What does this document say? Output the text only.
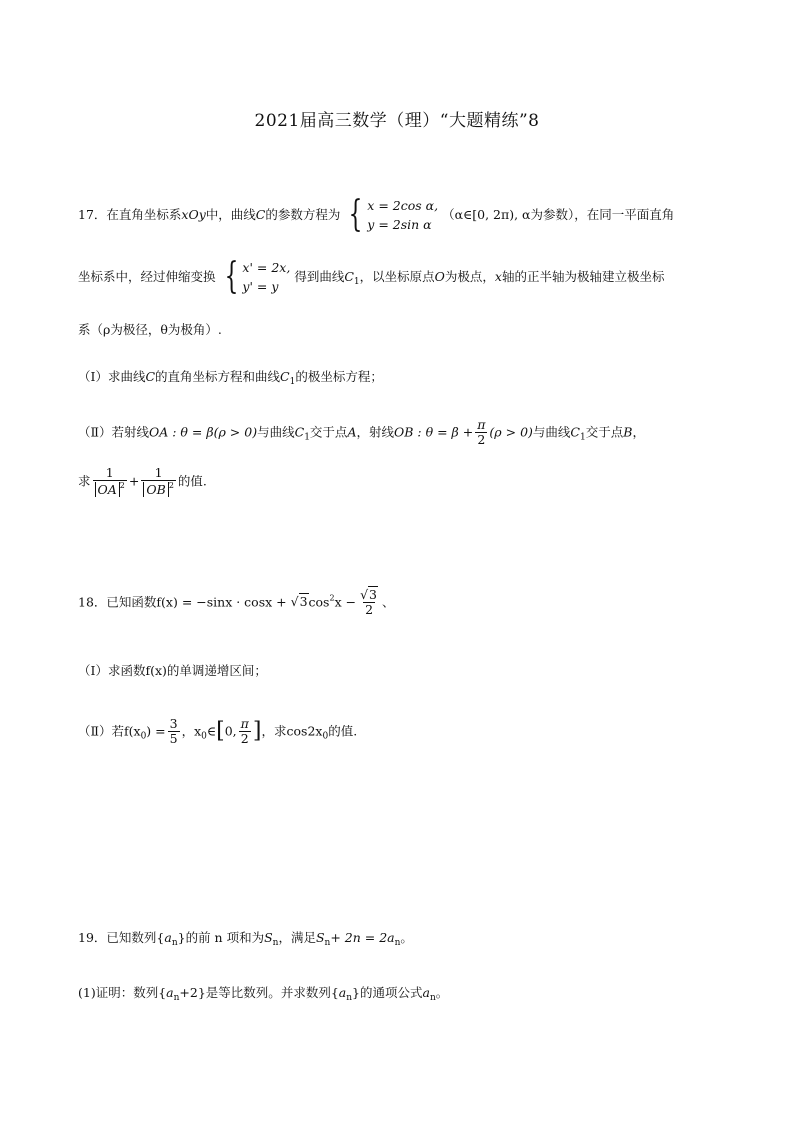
2021届高三数学（理）“大题精练”8
17．在直角坐标系xOy中，曲线C的参数方程为 { x = 2cos α,
y = 2sin α
（α∈[0, 2π), α为参数），在同一平面直角
坐标系中，经过伸缩变换 { x' = 2x,
y' = y
得到曲线$C_1$，以坐标原点O为极点，x轴的正半轴为极轴建立极坐标
系（ρ为极径，θ为极角）.
（Ⅰ）求曲线C的直角坐标方程和曲线$C_1$的极坐标方程；
（Ⅱ）若射线OA : θ = β(ρ > 0)与曲线$C_1$交于点A，射线OB : $\theta = \beta + \frac{\pi}{2} (\rho > 0)$与曲线$C_1$交于点B，
求 $\frac{1}{OA ^2} + \frac{1}{OB ^2}$ 的值.
18．已知函数$f(x) = -\sin x \cdot \cos x + √3\cos^2x - \frac{√3}{2}$ 、
（Ⅰ）求函数f(x)的单调递增区间；
（Ⅱ）若$f(x_0) = \frac{3}{5}$ ，$x_0\in[0$, $\frac{\pi}{2}$ ]，求$\cos 2x_0$的值.
19．已知数列$\{a_n\}$的前 n 项和为$S_n$，满足$S_n+ 2n = 2a_n$。
(1)证明：数列$\{a_n+2\}$是等比数列。并求数列$\{a_n\}$的通项公式$a_n$。
